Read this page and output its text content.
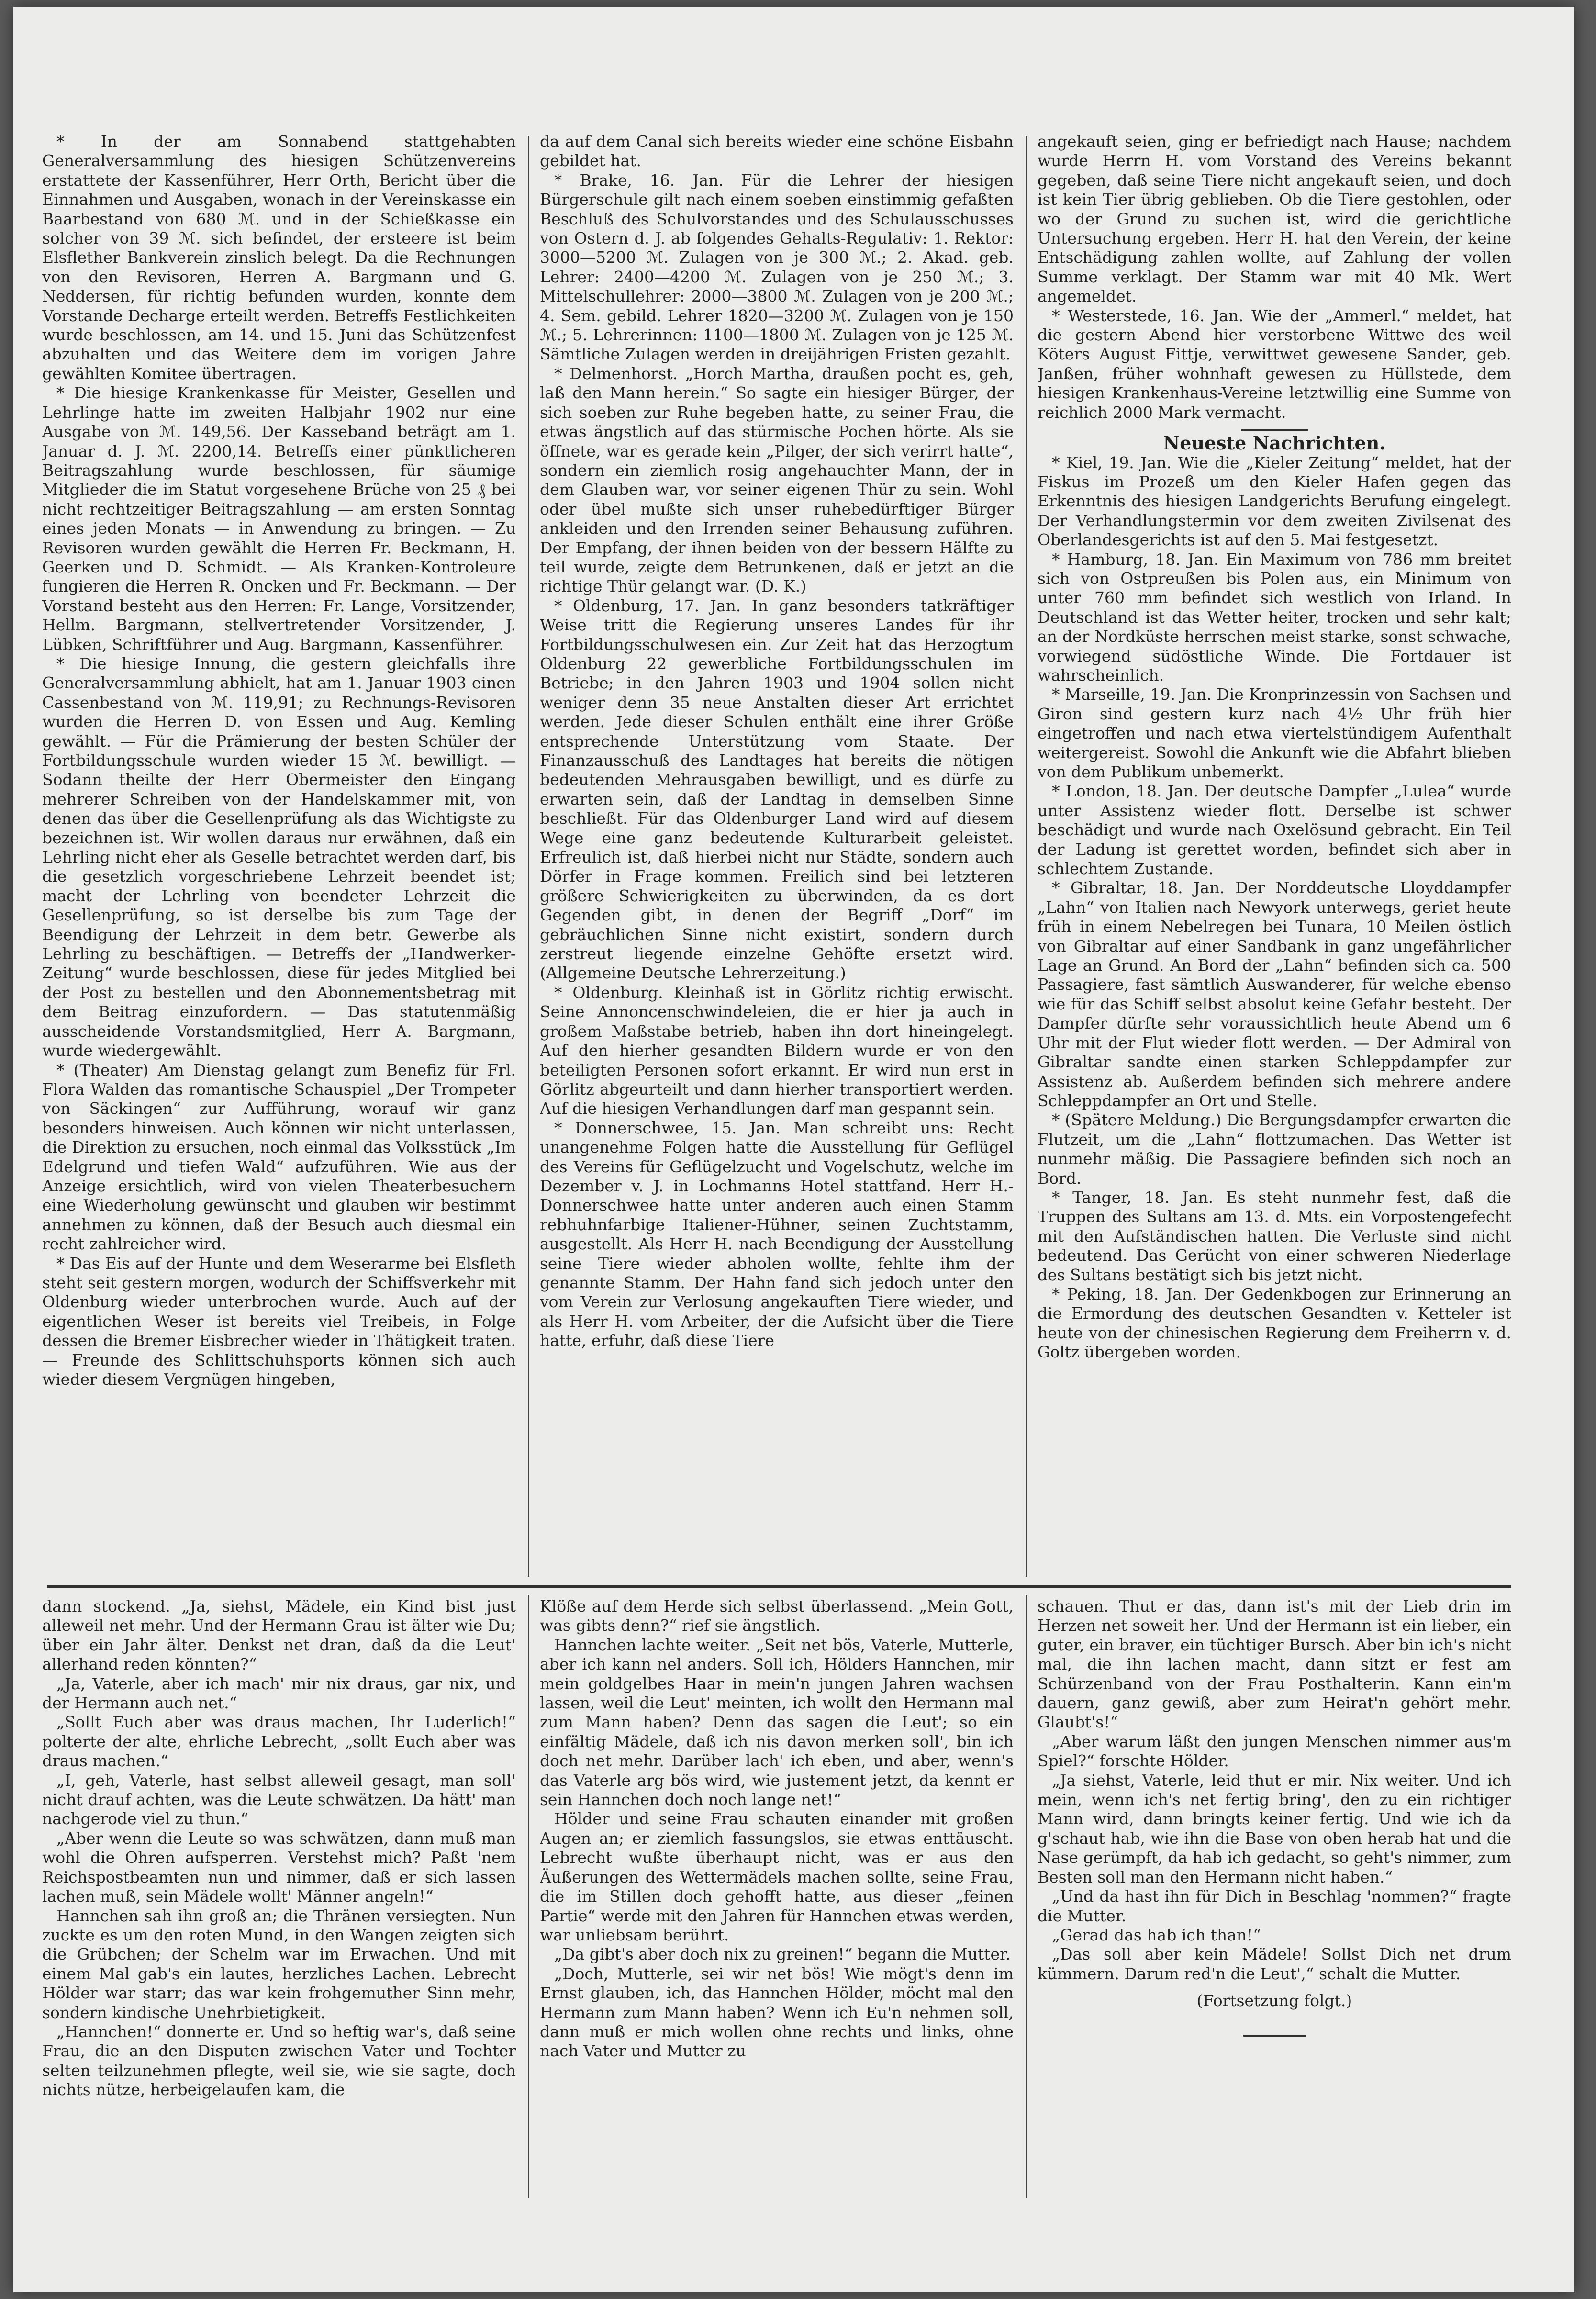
* In der am Sonnabend stattgehabten Generalversammlung des hiesigen Schützenvereins erstattete der Kassenführer, Herr Orth, Bericht über die Einnahmen und Ausgaben, wonach in der Vereinskasse ein Baarbestand von 680 ℳ. und in der Schießkasse ein solcher von 39 ℳ. sich befindet, der ersteere ist beim Elsflether Bankverein zinslich belegt. Da die Rechnungen von den Revisoren, Herren A. Bargmann und G. Neddersen, für richtig befunden wurden, konnte dem Vorstande Decharge erteilt werden. Betreffs Festlichkeiten wurde beschlossen, am 14. und 15. Juni das Schützenfest abzuhalten und das Weitere dem im vorigen Jahre gewählten Komitee übertragen.

* Die hiesige Krankenkasse für Meister, Gesellen und Lehrlinge hatte im zweiten Halbjahr 1902 nur eine Ausgabe von ℳ. 149,56. Der Kasseband beträgt am 1. Januar d. J. ℳ. 2200,14. Betreffs einer pünktlicheren Beitragszahlung wurde beschlossen, für säumige Mitglieder die im Statut vorgesehene Brüche von 25 ₰ bei nicht rechtzeitiger Beitragszahlung — am ersten Sonntag eines jeden Monats — in Anwendung zu bringen. — Zu Revisoren wurden gewählt die Herren Fr. Beckmann, H. Geerken und D. Schmidt. — Als Kranken-Kontroleure fungieren die Herren R. Oncken und Fr. Beckmann. — Der Vorstand besteht aus den Herren: Fr. Lange, Vorsitzender, Hellm. Bargmann, stellvertretender Vorsitzender, J. Lübken, Schriftführer und Aug. Bargmann, Kassenführer.

* Die hiesige Innung, die gestern gleichfalls ihre Generalversammlung abhielt, hat am 1. Januar 1903 einen Cassenbestand von ℳ. 119,91; zu Rechnungs-Revisoren wurden die Herren D. von Essen und Aug. Kemling gewählt. — Für die Prämierung der besten Schüler der Fortbildungsschule wurden wieder 15 ℳ. bewilligt. — Sodann theilte der Herr Obermeister den Eingang mehrerer Schreiben von der Handelskammer mit, von denen das über die Gesellenprüfung als das Wichtigste zu bezeichnen ist. Wir wollen daraus nur erwähnen, daß ein Lehrling nicht eher als Geselle betrachtet werden darf, bis die gesetzlich vorgeschriebene Lehrzeit beendet ist; macht der Lehrling von beendeter Lehrzeit die Gesellenprüfung, so ist derselbe bis zum Tage der Beendigung der Lehrzeit in dem betr. Gewerbe als Lehrling zu beschäftigen. — Betreffs der „Handwerker-Zeitung“ wurde beschlossen, diese für jedes Mitglied bei der Post zu bestellen und den Abonnementsbetrag mit dem Beitrag einzufordern. — Das statutenmäßig ausscheidende Vorstandsmitglied, Herr A. Bargmann, wurde wiedergewählt.

* (Theater) Am Dienstag gelangt zum Benefiz für Frl. Flora Walden das romantische Schauspiel „Der Trompeter von Säckingen“ zur Aufführung, worauf wir ganz besonders hinweisen. Auch können wir nicht unterlassen, die Direktion zu ersuchen, noch einmal das Volksstück „Im Edelgrund und tiefen Wald“ aufzuführen. Wie aus der Anzeige ersichtlich, wird von vielen Theaterbesuchern eine Wiederholung gewünscht und glauben wir bestimmt annehmen zu können, daß der Besuch auch diesmal ein recht zahlreicher wird.

* Das Eis auf der Hunte und dem Weserarme bei Elsfleth steht seit gestern morgen, wodurch der Schiffsverkehr mit Oldenburg wieder unterbrochen wurde. Auch auf der eigentlichen Weser ist bereits viel Treibeis, in Folge dessen die Bremer Eisbrecher wieder in Thätigkeit traten. — Freunde des Schlittschuhsports können sich auch wieder diesem Vergnügen hingeben,

da auf dem Canal sich bereits wieder eine schöne Eisbahn gebildet hat.

* Brake, 16. Jan. Für die Lehrer der hiesigen Bürgerschule gilt nach einem soeben einstimmig gefaßten Beschluß des Schulvorstandes und des Schulausschusses von Ostern d. J. ab folgendes Gehalts-Regulativ: 1. Rektor: 3000—5200 ℳ. Zulagen von je 300 ℳ.; 2. Akad. geb. Lehrer: 2400—4200 ℳ. Zulagen von je 250 ℳ.; 3. Mittelschullehrer: 2000—3800 ℳ. Zulagen von je 200 ℳ.; 4. Sem. gebild. Lehrer 1820—3200 ℳ. Zulagen von je 150 ℳ.; 5. Lehrerinnen: 1100—1800 ℳ. Zulagen von je 125 ℳ. Sämtliche Zulagen werden in dreijährigen Fristen gezahlt.

* Delmenhorst. „Horch Martha, draußen pocht es, geh, laß den Mann herein.“ So sagte ein hiesiger Bürger, der sich soeben zur Ruhe begeben hatte, zu seiner Frau, die etwas ängstlich auf das stürmische Pochen hörte. Als sie öffnete, war es gerade kein „Pilger, der sich verirrt hatte“, sondern ein ziemlich rosig angehauchter Mann, der in dem Glauben war, vor seiner eigenen Thür zu sein. Wohl oder übel mußte sich unser ruhebedürftiger Bürger ankleiden und den Irrenden seiner Behausung zuführen. Der Empfang, der ihnen beiden von der bessern Hälfte zu teil wurde, zeigte dem Betrunkenen, daß er jetzt an die richtige Thür gelangt war. (D. K.)

* Oldenburg, 17. Jan. In ganz besonders tatkräftiger Weise tritt die Regierung unseres Landes für ihr Fortbildungsschulwesen ein. Zur Zeit hat das Herzogtum Oldenburg 22 gewerbliche Fortbildungsschulen im Betriebe; in den Jahren 1903 und 1904 sollen nicht weniger denn 35 neue Anstalten dieser Art errichtet werden. Jede dieser Schulen enthält eine ihrer Größe entsprechende Unterstützung vom Staate. Der Finanzausschuß des Landtages hat bereits die nötigen bedeutenden Mehrausgaben bewilligt, und es dürfe zu erwarten sein, daß der Landtag in demselben Sinne beschließt. Für das Oldenburger Land wird auf diesem Wege eine ganz bedeutende Kulturarbeit geleistet. Erfreulich ist, daß hierbei nicht nur Städte, sondern auch Dörfer in Frage kommen. Freilich sind bei letzteren größere Schwierigkeiten zu überwinden, da es dort Gegenden gibt, in denen der Begriff „Dorf“ im gebräuchlichen Sinne nicht existirt, sondern durch zerstreut liegende einzelne Gehöfte ersetzt wird. (Allgemeine Deutsche Lehrerzeitung.)

* Oldenburg. Kleinhaß ist in Görlitz richtig erwischt. Seine Annoncenschwindeleien, die er hier ja auch in großem Maßstabe betrieb, haben ihn dort hineingelegt. Auf den hierher gesandten Bildern wurde er von den beteiligten Personen sofort erkannt. Er wird nun erst in Görlitz abgeurteilt und dann hierher transportiert werden. Auf die hiesigen Verhandlungen darf man gespannt sein.

* Donnerschwee, 15. Jan. Man schreibt uns: Recht unangenehme Folgen hatte die Ausstellung für Geflügel des Vereins für Geflügelzucht und Vogelschutz, welche im Dezember v. J. in Lochmanns Hotel stattfand. Herr H.-Donnerschwee hatte unter anderen auch einen Stamm rebhuhnfarbige Italiener-Hühner, seinen Zuchtstamm, ausgestellt. Als Herr H. nach Beendigung der Ausstellung seine Tiere wieder abholen wollte, fehlte ihm der genannte Stamm. Der Hahn fand sich jedoch unter den vom Verein zur Verlosung angekauften Tiere wieder, und als Herr H. vom Arbeiter, der die Aufsicht über die Tiere hatte, erfuhr, daß diese Tiere

angekauft seien, ging er befriedigt nach Hause; nachdem wurde Herrn H. vom Vorstand des Vereins bekannt gegeben, daß seine Tiere nicht angekauft seien, und doch ist kein Tier übrig geblieben. Ob die Tiere gestohlen, oder wo der Grund zu suchen ist, wird die gerichtliche Untersuchung ergeben. Herr H. hat den Verein, der keine Entschädigung zahlen wollte, auf Zahlung der vollen Summe verklagt. Der Stamm war mit 40 Mk. Wert angemeldet.

* Westerstede, 16. Jan. Wie der „Ammerl.“ meldet, hat die gestern Abend hier verstorbene Wittwe des weil Köters August Fittje, verwittwet gewesene Sander, geb. Janßen, früher wohnhaft gewesen zu Hüllstede, dem hiesigen Krankenhaus-Vereine letztwillig eine Summe von reichlich 2000 Mark vermacht.

Neueste Nachrichten.

* Kiel, 19. Jan. Wie die „Kieler Zeitung“ meldet, hat der Fiskus im Prozeß um den Kieler Hafen gegen das Erkenntnis des hiesigen Landgerichts Berufung eingelegt. Der Verhandlungstermin vor dem zweiten Zivilsenat des Oberlandesgerichts ist auf den 5. Mai festgesetzt.

* Hamburg, 18. Jan. Ein Maximum von 786 mm breitet sich von Ostpreußen bis Polen aus, ein Minimum von unter 760 mm befindet sich westlich von Irland. In Deutschland ist das Wetter heiter, trocken und sehr kalt; an der Nordküste herrschen meist starke, sonst schwache, vorwiegend südöstliche Winde. Die Fortdauer ist wahrscheinlich.

* Marseille, 19. Jan. Die Kronprinzessin von Sachsen und Giron sind gestern kurz nach 4½ Uhr früh hier eingetroffen und nach etwa viertelstündigem Aufenthalt weitergereist. Sowohl die Ankunft wie die Abfahrt blieben von dem Publikum unbemerkt.

* London, 18. Jan. Der deutsche Dampfer „Lulea“ wurde unter Assistenz wieder flott. Derselbe ist schwer beschädigt und wurde nach Oxelösund gebracht. Ein Teil der Ladung ist gerettet worden, befindet sich aber in schlechtem Zustande.

* Gibraltar, 18. Jan. Der Norddeutsche Lloyddampfer „Lahn“ von Italien nach Newyork unterwegs, geriet heute früh in einem Nebelregen bei Tunara, 10 Meilen östlich von Gibraltar auf einer Sandbank in ganz ungefährlicher Lage an Grund. An Bord der „Lahn“ befinden sich ca. 500 Passagiere, fast sämtlich Auswanderer, für welche ebenso wie für das Schiff selbst absolut keine Gefahr besteht. Der Dampfer dürfte sehr voraussichtlich heute Abend um 6 Uhr mit der Flut wieder flott werden. — Der Admiral von Gibraltar sandte einen starken Schleppdampfer zur Assistenz ab. Außerdem befinden sich mehrere andere Schleppdampfer an Ort und Stelle.

* (Spätere Meldung.) Die Bergungsdampfer erwarten die Flutzeit, um die „Lahn“ flottzumachen. Das Wetter ist nunmehr mäßig. Die Passagiere befinden sich noch an Bord.

* Tanger, 18. Jan. Es steht nunmehr fest, daß die Truppen des Sultans am 13. d. Mts. ein Vorpostengefecht mit den Aufständischen hatten. Die Verluste sind nicht bedeutend. Das Gerücht von einer schweren Niederlage des Sultans bestätigt sich bis jetzt nicht.

* Peking, 18. Jan. Der Gedenkbogen zur Erinnerung an die Ermordung des deutschen Gesandten v. Ketteler ist heute von der chinesischen Regierung dem Freiherrn v. d. Goltz übergeben worden.

dann stockend. „Ja, siehst, Mädele, ein Kind bist just alleweil net mehr. Und der Hermann Grau ist älter wie Du; über ein Jahr älter. Denkst net dran, daß da die Leut' allerhand reden könnten?“

„Ja, Vaterle, aber ich mach' mir nix draus, gar nix, und der Hermann auch net.“

„Sollt Euch aber was draus machen, Ihr Luderlich!“ polterte der alte, ehrliche Lebrecht, „sollt Euch aber was draus machen.“

„I, geh, Vaterle, hast selbst alleweil gesagt, man soll' nicht drauf achten, was die Leute schwätzen. Da hätt' man nachgerode viel zu thun.“

„Aber wenn die Leute so was schwätzen, dann muß man wohl die Ohren aufsperren. Verstehst mich? Paßt 'nem Reichspostbeamten nun und nimmer, daß er sich lassen lachen muß, sein Mädele wollt' Männer angeln!“

Hannchen sah ihn groß an; die Thränen versiegten. Nun zuckte es um den roten Mund, in den Wangen zeigten sich die Grübchen; der Schelm war im Erwachen. Und mit einem Mal gab's ein lautes, herzliches Lachen. Lebrecht Hölder war starr; das war kein frohgemuther Sinn mehr, sondern kindische Unehrbietigkeit.

„Hannchen!“ donnerte er. Und so heftig war's, daß seine Frau, die an den Disputen zwischen Vater und Tochter selten teilzunehmen pflegte, weil sie, wie sie sagte, doch nichts nütze, herbeigelaufen kam, die

Klöße auf dem Herde sich selbst überlassend. „Mein Gott, was gibts denn?“ rief sie ängstlich.

Hannchen lachte weiter. „Seit net bös, Vaterle, Mutterle, aber ich kann nel anders. Soll ich, Hölders Hannchen, mir mein goldgelbes Haar in mein'n jungen Jahren wachsen lassen, weil die Leut' meinten, ich wollt den Hermann mal zum Mann haben? Denn das sagen die Leut'; so ein einfältig Mädele, daß ich nis davon merken soll', bin ich doch net mehr. Darüber lach' ich eben, und aber, wenn's das Vaterle arg bös wird, wie justement jetzt, da kennt er sein Hannchen doch noch lange net!“

Hölder und seine Frau schauten einander mit großen Augen an; er ziemlich fassungslos, sie etwas enttäuscht. Lebrecht wußte überhaupt nicht, was er aus den Äußerungen des Wettermädels machen sollte, seine Frau, die im Stillen doch gehofft hatte, aus dieser „feinen Partie“ werde mit den Jahren für Hannchen etwas werden, war unliebsam berührt.

„Da gibt's aber doch nix zu greinen!“ begann die Mutter.

„Doch, Mutterle, sei wir net bös! Wie mögt's denn im Ernst glauben, ich, das Hannchen Hölder, möcht mal den Hermann zum Mann haben? Wenn ich Eu'n nehmen soll, dann muß er mich wollen ohne rechts und links, ohne nach Vater und Mutter zu

schauen. Thut er das, dann ist's mit der Lieb drin im Herzen net soweit her. Und der Hermann ist ein lieber, ein guter, ein braver, ein tüchtiger Bursch. Aber bin ich's nicht mal, die ihn lachen macht, dann sitzt er fest am Schürzenband von der Frau Posthalterin. Kann ein'm dauern, ganz gewiß, aber zum Heirat'n gehört mehr. Glaubt's!“

„Aber warum läßt den jungen Menschen nimmer aus'm Spiel?“ forschte Hölder.

„Ja siehst, Vaterle, leid thut er mir. Nix weiter. Und ich mein, wenn ich's net fertig bring', den zu ein richtiger Mann wird, dann bringts keiner fertig. Und wie ich da g'schaut hab, wie ihn die Base von oben herab hat und die Nase gerümpft, da hab ich gedacht, so geht's nimmer, zum Besten soll man den Hermann nicht haben.“

„Und da hast ihn für Dich in Beschlag 'nommen?“ fragte die Mutter.

„Gerad das hab ich than!“

„Das soll aber kein Mädele! Sollst Dich net drum kümmern. Darum red'n die Leut',“ schalt die Mutter.

(Fortsetzung folgt.)
